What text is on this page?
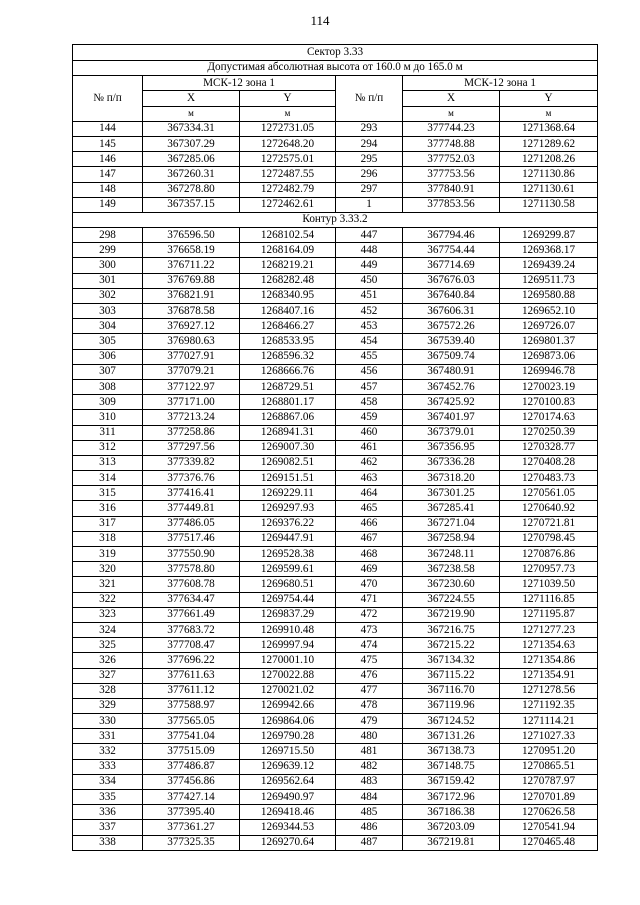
114
Сектор 3.33					
Допустимая абсолютная высота от 160.0 м до 165.0 м					
№ п/п	МСК-12 зона 1		№ п/п	МСК-12 зона 1	
	X	Y		X	Y
	м	м		м	м
144	367334.31	1272731.05	293	377744.23	1271368.64
145	367307.29	1272648.20	294	377748.88	1271289.62
146	367285.06	1272575.01	295	377752.03	1271208.26
147	367260.31	1272487.55	296	377753.56	1271130.86
148	367278.80	1272482.79	297	377840.91	1271130.61
149	367357.15	1272462.61	1	377853.56	1271130.58
Контур 3.33.2					
298	376596.50	1268102.54	447	367794.46	1269299.87
299	376658.19	1268164.09	448	367754.44	1269368.17
300	376711.22	1268219.21	449	367714.69	1269439.24
301	376769.88	1268282.48	450	367676.03	1269511.73
302	376821.91	1268340.95	451	367640.84	1269580.88
303	376878.58	1268407.16	452	367606.31	1269652.10
304	376927.12	1268466.27	453	367572.26	1269726.07
305	376980.63	1268533.95	454	367539.40	1269801.37
306	377027.91	1268596.32	455	367509.74	1269873.06
307	377079.21	1268666.76	456	367480.91	1269946.78
308	377122.97	1268729.51	457	367452.76	1270023.19
309	377171.00	1268801.17	458	367425.92	1270100.83
310	377213.24	1268867.06	459	367401.97	1270174.63
311	377258.86	1268941.31	460	367379.01	1270250.39
312	377297.56	1269007.30	461	367356.95	1270328.77
313	377339.82	1269082.51	462	367336.28	1270408.28
314	377376.76	1269151.51	463	367318.20	1270483.73
315	377416.41	1269229.11	464	367301.25	1270561.05
316	377449.81	1269297.93	465	367285.41	1270640.92
317	377486.05	1269376.22	466	367271.04	1270721.81
318	377517.46	1269447.91	467	367258.94	1270798.45
319	377550.90	1269528.38	468	367248.11	1270876.86
320	377578.80	1269599.61	469	367238.58	1270957.73
321	377608.78	1269680.51	470	367230.60	1271039.50
322	377634.47	1269754.44	471	367224.55	1271116.85
323	377661.49	1269837.29	472	367219.90	1271195.87
324	377683.72	1269910.48	473	367216.75	1271277.23
325	377708.47	1269997.94	474	367215.22	1271354.63
326	377696.22	1270001.10	475	367134.32	1271354.86
327	377611.63	1270022.88	476	367115.22	1271354.91
328	377611.12	1270021.02	477	367116.70	1271278.56
329	377588.97	1269942.66	478	367119.96	1271192.35
330	377565.05	1269864.06	479	367124.52	1271114.21
331	377541.04	1269790.28	480	367131.26	1271027.33
332	377515.09	1269715.50	481	367138.73	1270951.20
333	377486.87	1269639.12	482	367148.75	1270865.51
334	377456.86	1269562.64	483	367159.42	1270787.97
335	377427.14	1269490.97	484	367172.96	1270701.89
336	377395.40	1269418.46	485	367186.38	1270626.58
337	377361.27	1269344.53	486	367203.09	1270541.94
338	377325.35	1269270.64	487	367219.81	1270465.48
